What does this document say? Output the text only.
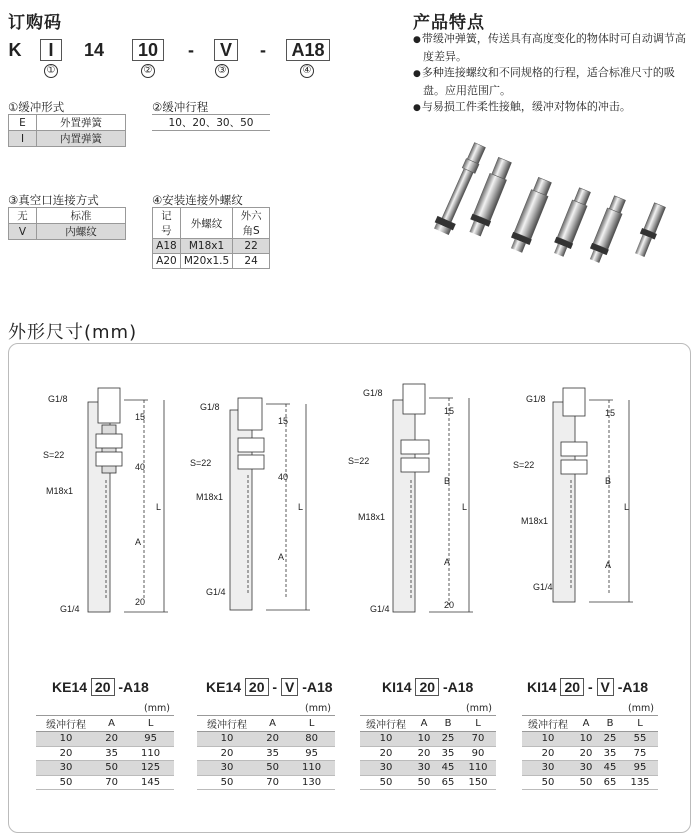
订购码
K	I	14	10	-	V	-	A18
①	②	③	④
①缓冲形式
E	外置弹簧
I	内置弹簧
②缓冲行程
10、20、30、50
③真空口连接方式
无	标准
V	内螺纹
④安装连接外螺纹
记号	外螺纹	外六角S
A18	M18x1	22
A20	M20x1.5	24
产品特点
● 带缓冲弹簧，传送具有高度变化的物体时可自动调节高度差异。
● 多种连接螺纹和不同规格的行程，适合标准尺寸的吸盘。应用范围广。
● 与易损工件柔性接触，缓冲对物体的冲击。
外形尺寸(mm)
G1/8
S=22
M18x1
G1/4
15
40
A
20
L
G1/8
S=22
M18x1
G1/4
15
40
A
L
G1/8
S=22
M18x1
G1/4
15
B
A
20
L
G1/8
S=22
M18x1
G1/4
15
B
A
L
KE14 20 -A18	KE14 20 - V -A18	KI14 20 -A18	KI14 20 - V -A18
(mm)	(mm)	(mm)	(mm)
缓冲行程	A	L
10	20	95
20	35	110
30	50	125
50	70	145
缓冲行程	A	L
10	20	80
20	35	95
30	50	110
50	70	130
缓冲行程	A	B	L
10	10	25	70
20	20	35	90
30	30	45	110
50	50	65	150
缓冲行程	A	B	L
10	10	25	55
20	20	35	75
30	30	45	95
50	50	65	135
